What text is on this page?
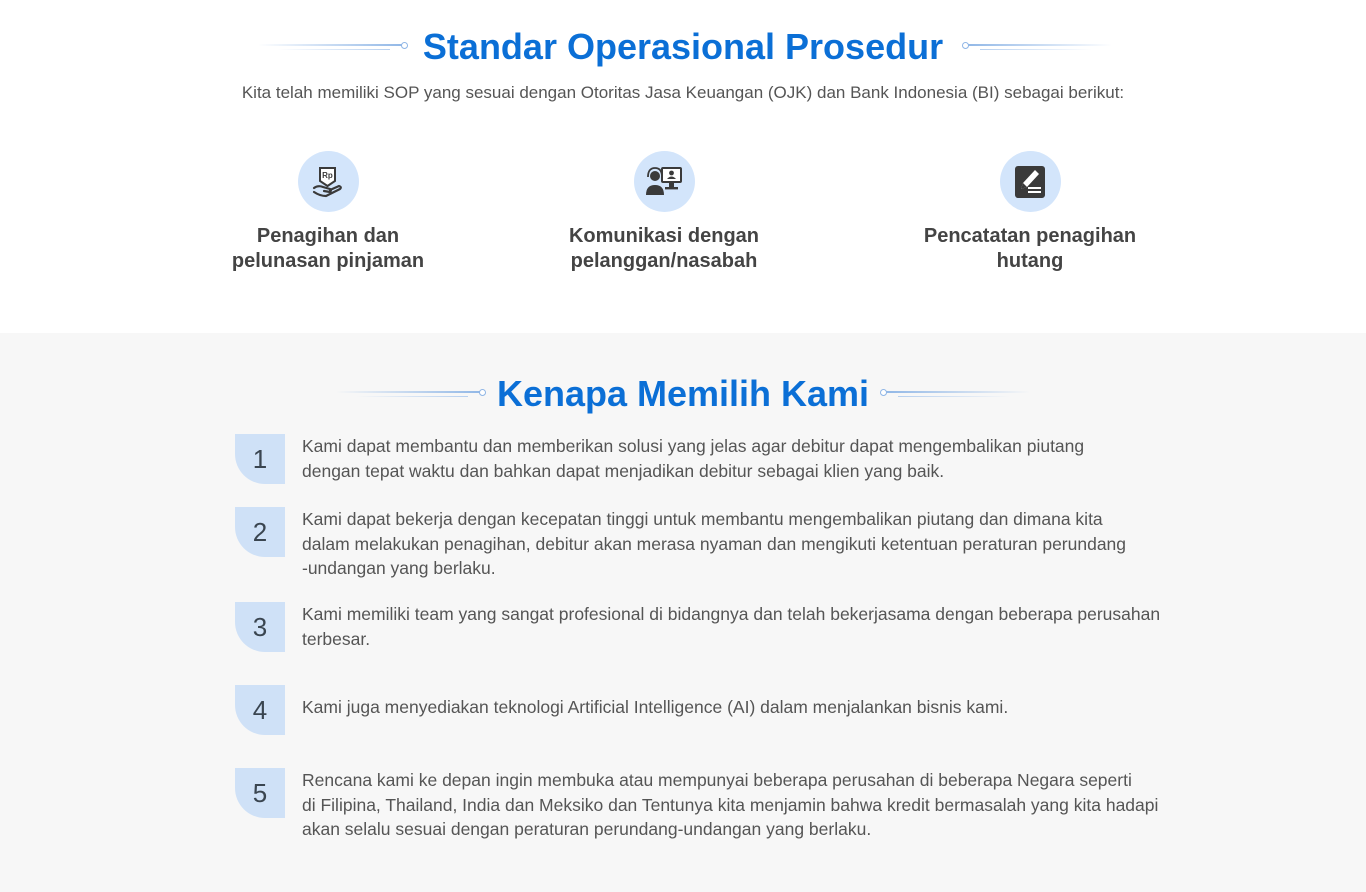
Standar Operasional Prosedur
Kita telah memiliki SOP yang sesuai dengan Otoritas Jasa Keuangan (OJK) dan Bank Indonesia (BI) sebagai berikut:
Rp
Penagihan dan
pelunasan pinjaman
Komunikasi dengan
pelanggan/nasabah
Pencatatan penagihan
hutang
Kenapa Memilih Kami
1	Kami dapat membantu dan memberikan solusi yang jelas agar debitur dapat mengembalikan piutang
dengan tepat waktu dan bahkan dapat menjadikan debitur sebagai klien yang baik.
2	Kami dapat bekerja dengan kecepatan tinggi untuk membantu mengembalikan piutang dan dimana kita
dalam melakukan penagihan, debitur akan merasa nyaman dan mengikuti ketentuan peraturan perundang
-undangan yang berlaku.
3	Kami memiliki team yang sangat profesional di bidangnya dan telah bekerjasama dengan beberapa perusahan
terbesar.
4	Kami juga menyediakan teknologi Artificial Intelligence (AI) dalam menjalankan bisnis kami.
5	Rencana kami ke depan ingin membuka atau mempunyai beberapa perusahan di beberapa Negara seperti
di Filipina, Thailand, India dan Meksiko dan Tentunya kita menjamin bahwa kredit bermasalah yang kita hadapi
akan selalu sesuai dengan peraturan perundang-undangan yang berlaku.
